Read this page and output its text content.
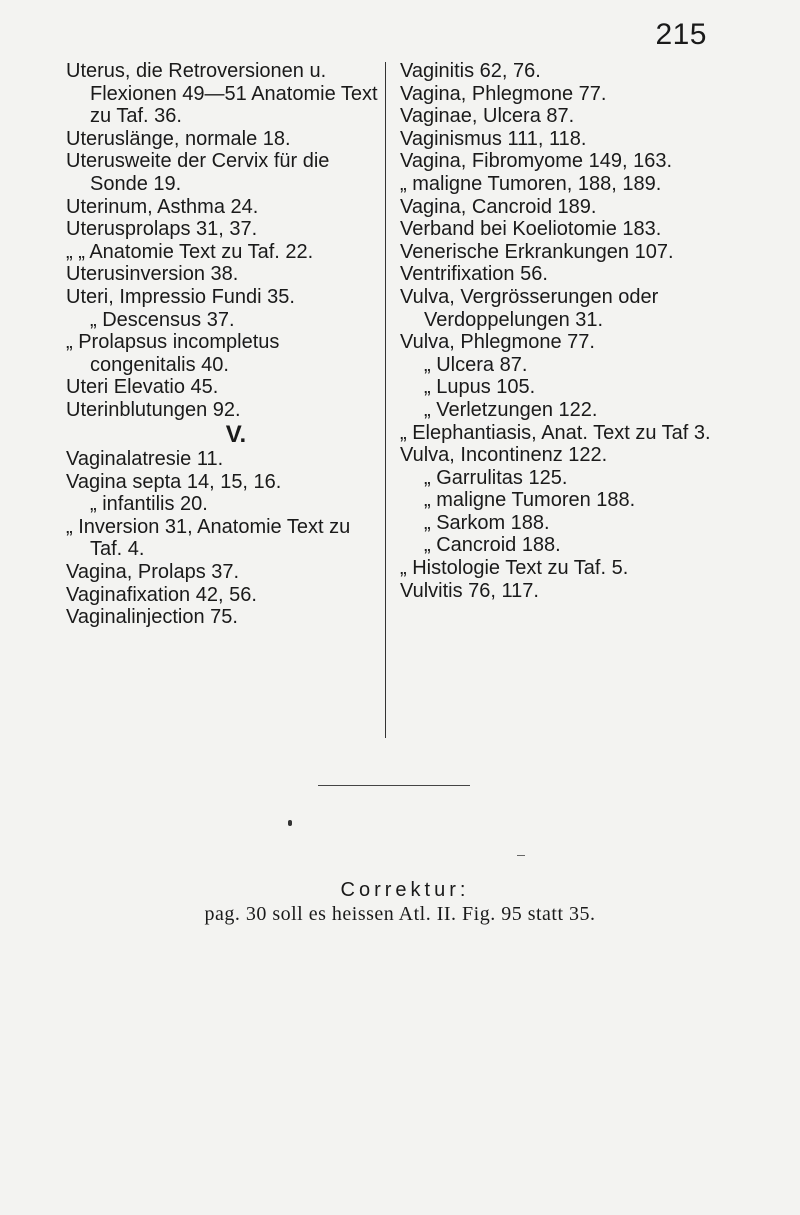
215
Uterus, die Retroversionen u. Flexionen 49—51 Anatomie Text zu Taf. 36.
Uteruslänge, normale 18.
Uterusweite der Cervix für die Sonde 19.
Uterinum, Asthma 24.
Uterusprolaps 31, 37.
„ „ Anatomie Text zu Taf. 22.
Uterusinversion 38.
Uteri, Impressio Fundi 35.
„ Descensus 37.
„ Prolapsus incompletus congenitalis 40.
Uteri Elevatio 45.
Uterinblutungen 92.
V.
Vaginalatresie 11.
Vagina septa 14, 15, 16.
„ infantilis 20.
„ Inversion 31, Anatomie Text zu Taf. 4.
Vagina, Prolaps 37.
Vaginafixation 42, 56.
Vaginalinjection 75.
Vaginitis 62, 76.
Vagina, Phlegmone 77.
Vaginae, Ulcera 87.
Vaginismus 111, 118.
Vagina, Fibromyome 149, 163.
„ maligne Tumoren, 188, 189.
Vagina, Cancroid 189.
Verband bei Koeliotomie 183.
Venerische Erkrankungen 107.
Ventrifixation 56.
Vulva, Vergrösserungen oder Verdoppelungen 31.
Vulva, Phlegmone 77.
„ Ulcera 87.
„ Lupus 105.
„ Verletzungen 122.
„ Elephantiasis, Anat. Text zu Taf 3.
Vulva, Incontinenz 122.
„ Garrulitas 125.
„ maligne Tumoren 188.
„ Sarkom 188.
„ Cancroid 188.
„ Histologie Text zu Taf. 5.
Vulvitis 76, 117.
Correktur:
pag. 30 soll es heissen Atl. II. Fig. 95 statt 35.
